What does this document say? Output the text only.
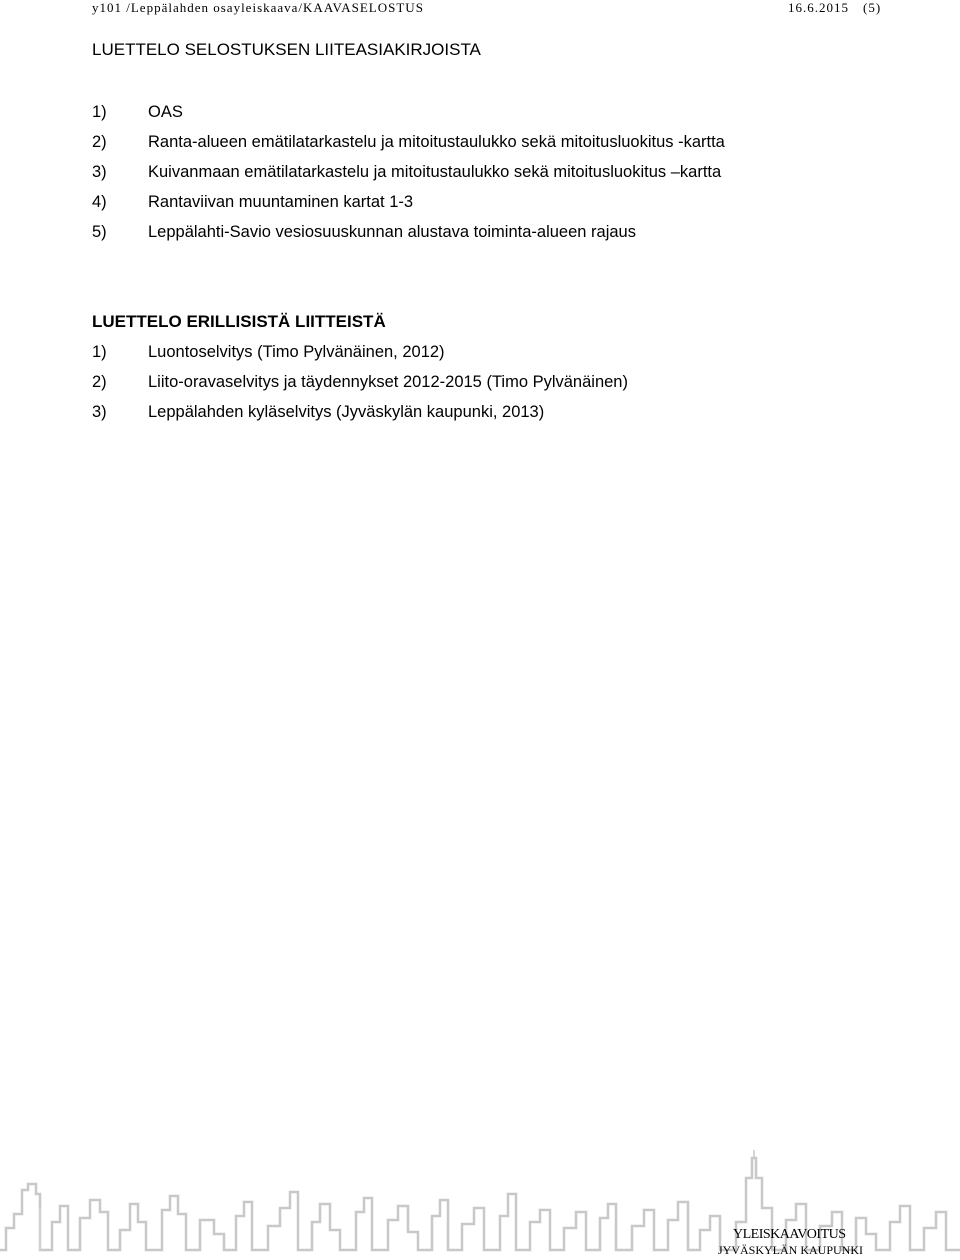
y101 /Leppälahden osayleiskaava/KAAVASELOSTUS	16.6.2015 (5)
LUETTELO SELOSTUKSEN LIITEASIAKIRJOISTA
1)	OAS
2)	Ranta-alueen emätilatarkastelu ja mitoitustaulukko sekä mitoitusluokitus -kartta
3)	Kuivanmaan emätilatarkastelu ja mitoitustaulukko sekä mitoitusluokitus –kartta
4)	Rantaviivan muuntaminen kartat 1-3
5)	Leppälahti-Savio vesiosuuskunnan alustava toiminta-alueen rajaus
LUETTELO ERILLISISTÄ LIITTEISTÄ
1)	Luontoselvitys (Timo Pylvänäinen, 2012)
2)	Liito-oravaselvitys ja täydennykset 2012-2015 (Timo Pylvänäinen)
3)	Leppälahden kyläselvitys (Jyväskylän kaupunki, 2013)
YLEISKAAVOITUS
JYVÄSKYLÄN KAUPUNKI
